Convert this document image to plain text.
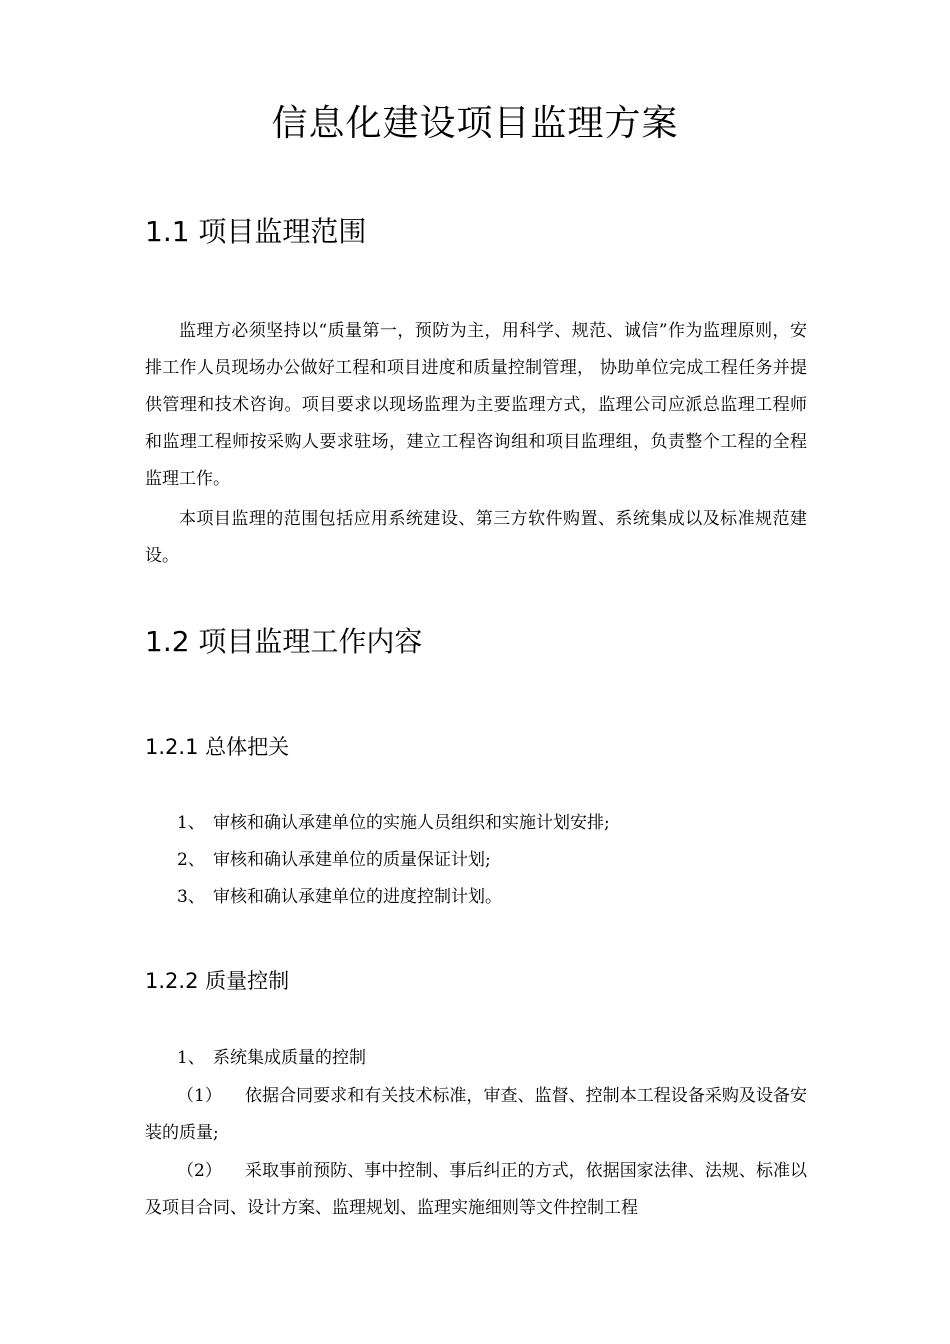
信息化建设项目监理方案
1.1 项目监理范围

监理方必须坚持以“质量第一，预防为主，用科学、规范、诚信”作为监理原则，安排工作人员现场办公做好工程和项目进度和质量控制管理， 协助单位完成工程任务并提供管理和技术咨询。项目要求以现场监理为主要监理方式，监理公司应派总监理工程师和监理工程师按采购人要求驻场，建立工程咨询组和项目监理组，负责整个工程的全程监理工作。

本项目监理的范围包括应用系统建设、第三方软件购置、系统集成以及标准规范建设。

1.2 项目监理工作内容
1.2.1 总体把关
1、 审核和确认承建单位的实施人员组织和实施计划安排;
2、 审核和确认承建单位的质量保证计划;
3、 审核和确认承建单位的进度控制计划。
1.2.2 质量控制
1、 系统集成质量的控制

（1） 依据合同要求和有关技术标准，审查、监督、控制本工程设备采购及设备安装的质量;

（2） 采取事前预防、事中控制、事后纠正的方式，依据国家法律、法规、标准以及项目合同、设计方案、监理规划、监理实施细则等文件控制工程
